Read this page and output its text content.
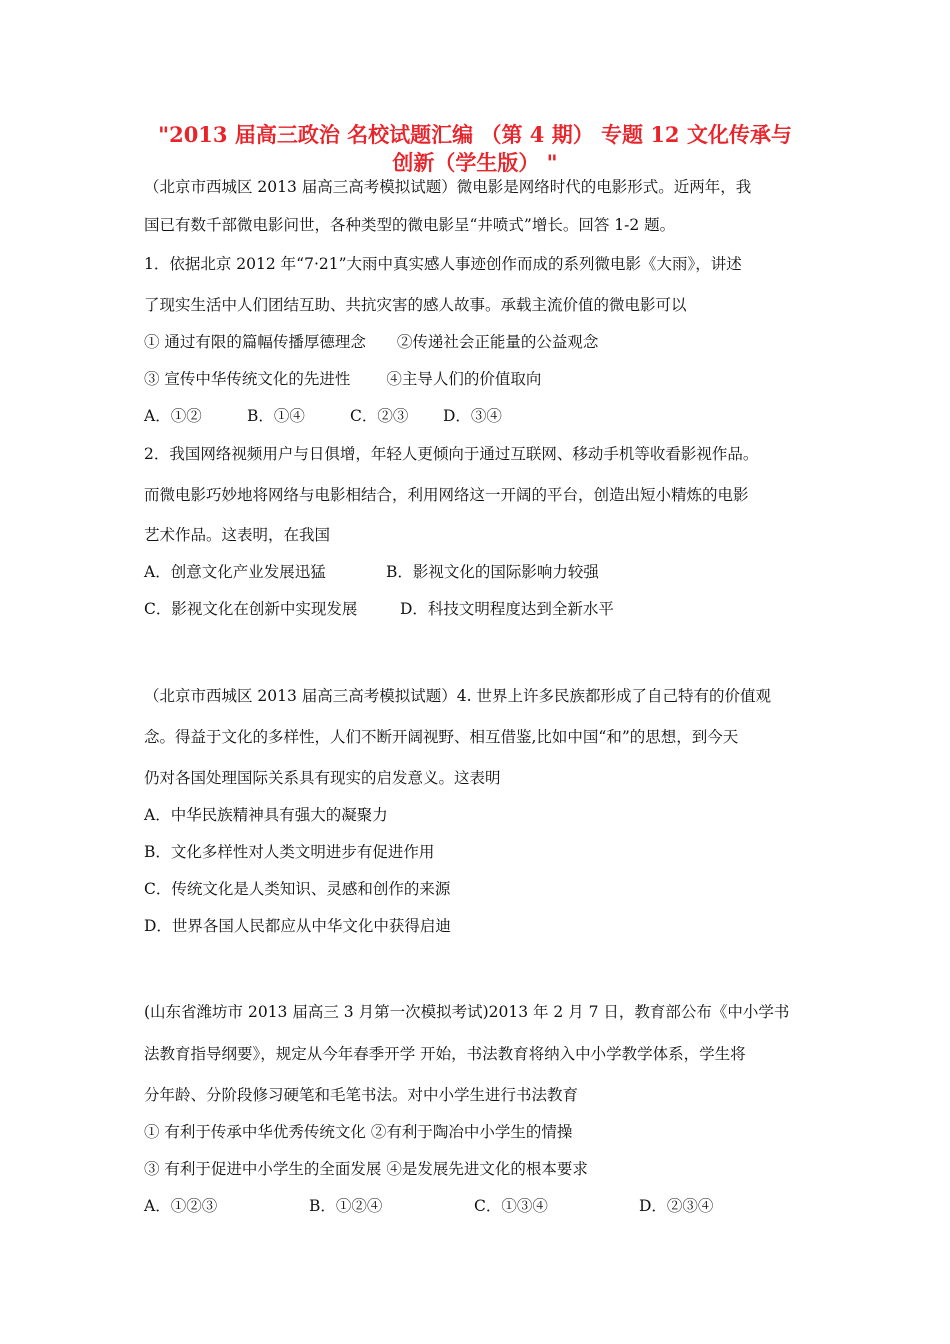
"2013 届高三政治 名校试题汇编 （第 4 期） 专题 12 文化传承与
创新（学生版） "
（北京市西城区 2013 届高三高考模拟试题）微电影是网络时代的电影形式。近两年，我
国已有数千部微电影问世，各种类型的微电影呈“井喷式”增长。回答 1-2 题。
1．依据北京 2012 年“7·21”大雨中真实感人事迹创作而成的系列微电影《大雨》，讲述
了现实生活中人们团结互助、共抗灾害的感人故事。承载主流价值的微电影可以
① 通过有限的篇幅传播厚德理念　　②传递社会正能量的公益观念
③ 宣传中华传统文化的先进性　　 ④主导人们的价值取向
A．①②	B．①④	C．②③ D．③④
2．我国网络视频用户与日俱增，年轻人更倾向于通过互联网、移动手机等收看影视作品。
而微电影巧妙地将网络与电影相结合，利用网络这一开阔的平台，创造出短小精炼的电影
艺术作品。这表明，在我国
A．创意文化产业发展迅猛	B．影视文化的国际影响力较强
C．影视文化在创新中实现发展	D．科技文明程度达到全新水平
（北京市西城区 2013 届高三高考模拟试题）4. 世界上许多民族都形成了自己特有的价值观
念。得益于文化的多样性，人们不断开阔视野、相互借鉴,比如中国“和”的思想，到今天
仍对各国处理国际关系具有现实的启发意义。这表明
A．中华民族精神具有强大的凝聚力
B．文化多样性对人类文明进步有促进作用
C．传统文化是人类知识、灵感和创作的来源
D．世界各国人民都应从中华文化中获得启迪
(山东省潍坊市 2013 届高三 3 月第一次模拟考试)2013 年 2 月 7 日，教育部公布《中小学书
法教育指导纲要》，规定从今年春季开学 开始，书法教育将纳入中小学教学体系，学生将
分年龄、分阶段修习硬笔和毛笔书法。对中小学生进行书法教育
① 有利于传承中华优秀传统文化 ②有利于陶冶中小学生的情操
③ 有利于促进中小学生的全面发展 ④是发展先进文化的根本要求
A．①②③	B．①②④	C．①③④	D．②③④
